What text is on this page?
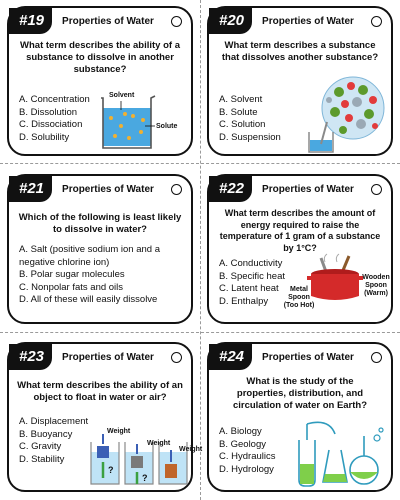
#19	Properties of Water
What term describes the ability of a substance to dissolve in another substance?
A. Concentration
B. Dissolution
C. Dissociation
D. Solubility
Solvent
Solute
#20	Properties of Water
What term describes a substance that dissolves another substance?
A. Solvent
B. Solute
C. Solution
D. Suspension
#21	Properties of Water
Which of the following is least likely to dissolve in water?
A. Salt (positive sodium ion and a negative chlorine ion)
B. Polar sugar molecules
C. Nonpolar fats and oils
D. All of these will easily dissolve
#22	Properties of Water
What term describes the amount of energy required to raise the temperature of 1 gram of a substance by 1°C?
A. Conductivity
B. Specific heat
C. Latent heat
D. Enthalpy
Metal Spoon (Too Hot)
Wooden Spoon (Warm)
#23	Properties of Water
What term describes the ability of an object to float in water or air?
A. Displacement
B. Buoyancy
C. Gravity
D. Stability
Weight
Weight
Weight
?
?
#24	Properties of Water
What is the study of the properties, distribution, and circulation of water on Earth?
A. Biology
B. Geology
C. Hydraulics
D. Hydrology
